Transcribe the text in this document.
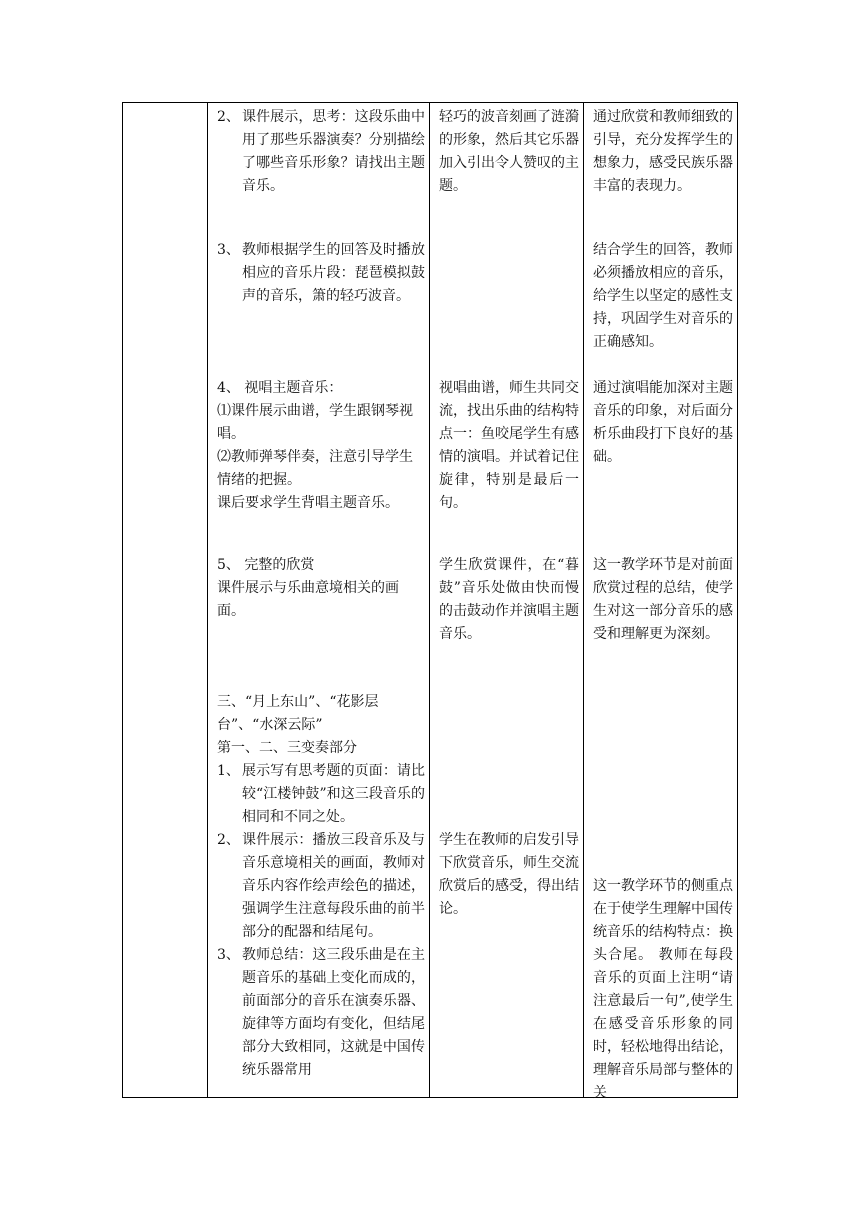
2、 课件展示，思考：这段乐曲中用了那些乐器演奏？分别描绘了哪些音乐形象？请找出主题音乐。
3、 教师根据学生的回答及时播放相应的音乐片段：琵琶模拟鼓声的音乐，箫的轻巧波音。

4、 视唱主题音乐：

⑴课件展示曲谱，学生跟钢琴视唱。

⑵教师弹琴伴奏，注意引导学生情绪的把握。

课后要求学生背唱主题音乐。

5、 完整的欣赏

课件展示与乐曲意境相关的画面。

三、“月上东山”、“花影层台”、“水深云际”

第一、二、三变奏部分

1、 展示写有思考题的页面：请比较“江楼钟鼓”和这三段音乐的相同和不同之处。
2、 课件展示：播放三段音乐及与音乐意境相关的画面，教师对音乐内容作绘声绘色的描述，强调学生注意每段乐曲的前半部分的配器和结尾句。
3、 教师总结：这三段乐曲是在主题音乐的基础上变化而成的，前面部分的音乐在演奏乐器、旋律等方面均有变化，但结尾部分大致相同，这就是中国传统乐器常用
轻巧的波音刻画了涟漪的形象，然后其它乐器加入引出令人赞叹的主题。
视唱曲谱，师生共同交流，找出乐曲的结构特点一：鱼咬尾学生有感情的演唱。并试着记住旋律，特别是最后一句。
学生欣赏课件，在“暮鼓”音乐处做由快而慢的击鼓动作并演唱主题音乐。
学生在教师的启发引导下欣赏音乐，师生交流欣赏后的感受，得出结论。
通过欣赏和教师细致的引导，充分发挥学生的想象力，感受民族乐器丰富的表现力。
结合学生的回答，教师必须播放相应的音乐，给学生以坚定的感性支持，巩固学生对音乐的正确感知。
通过演唱能加深对主题音乐的印象，对后面分析乐曲段打下良好的基础。
这一教学环节是对前面欣赏过程的总结，使学生对这一部分音乐的感受和理解更为深刻。
这一教学环节的侧重点在于使学生理解中国传统音乐的结构特点：换头合尾。 教师在每段音乐的页面上注明“请注意最后一句”,使学生在感受音乐形象的同时，轻松地得出结论，理解音乐局部与整体的关
